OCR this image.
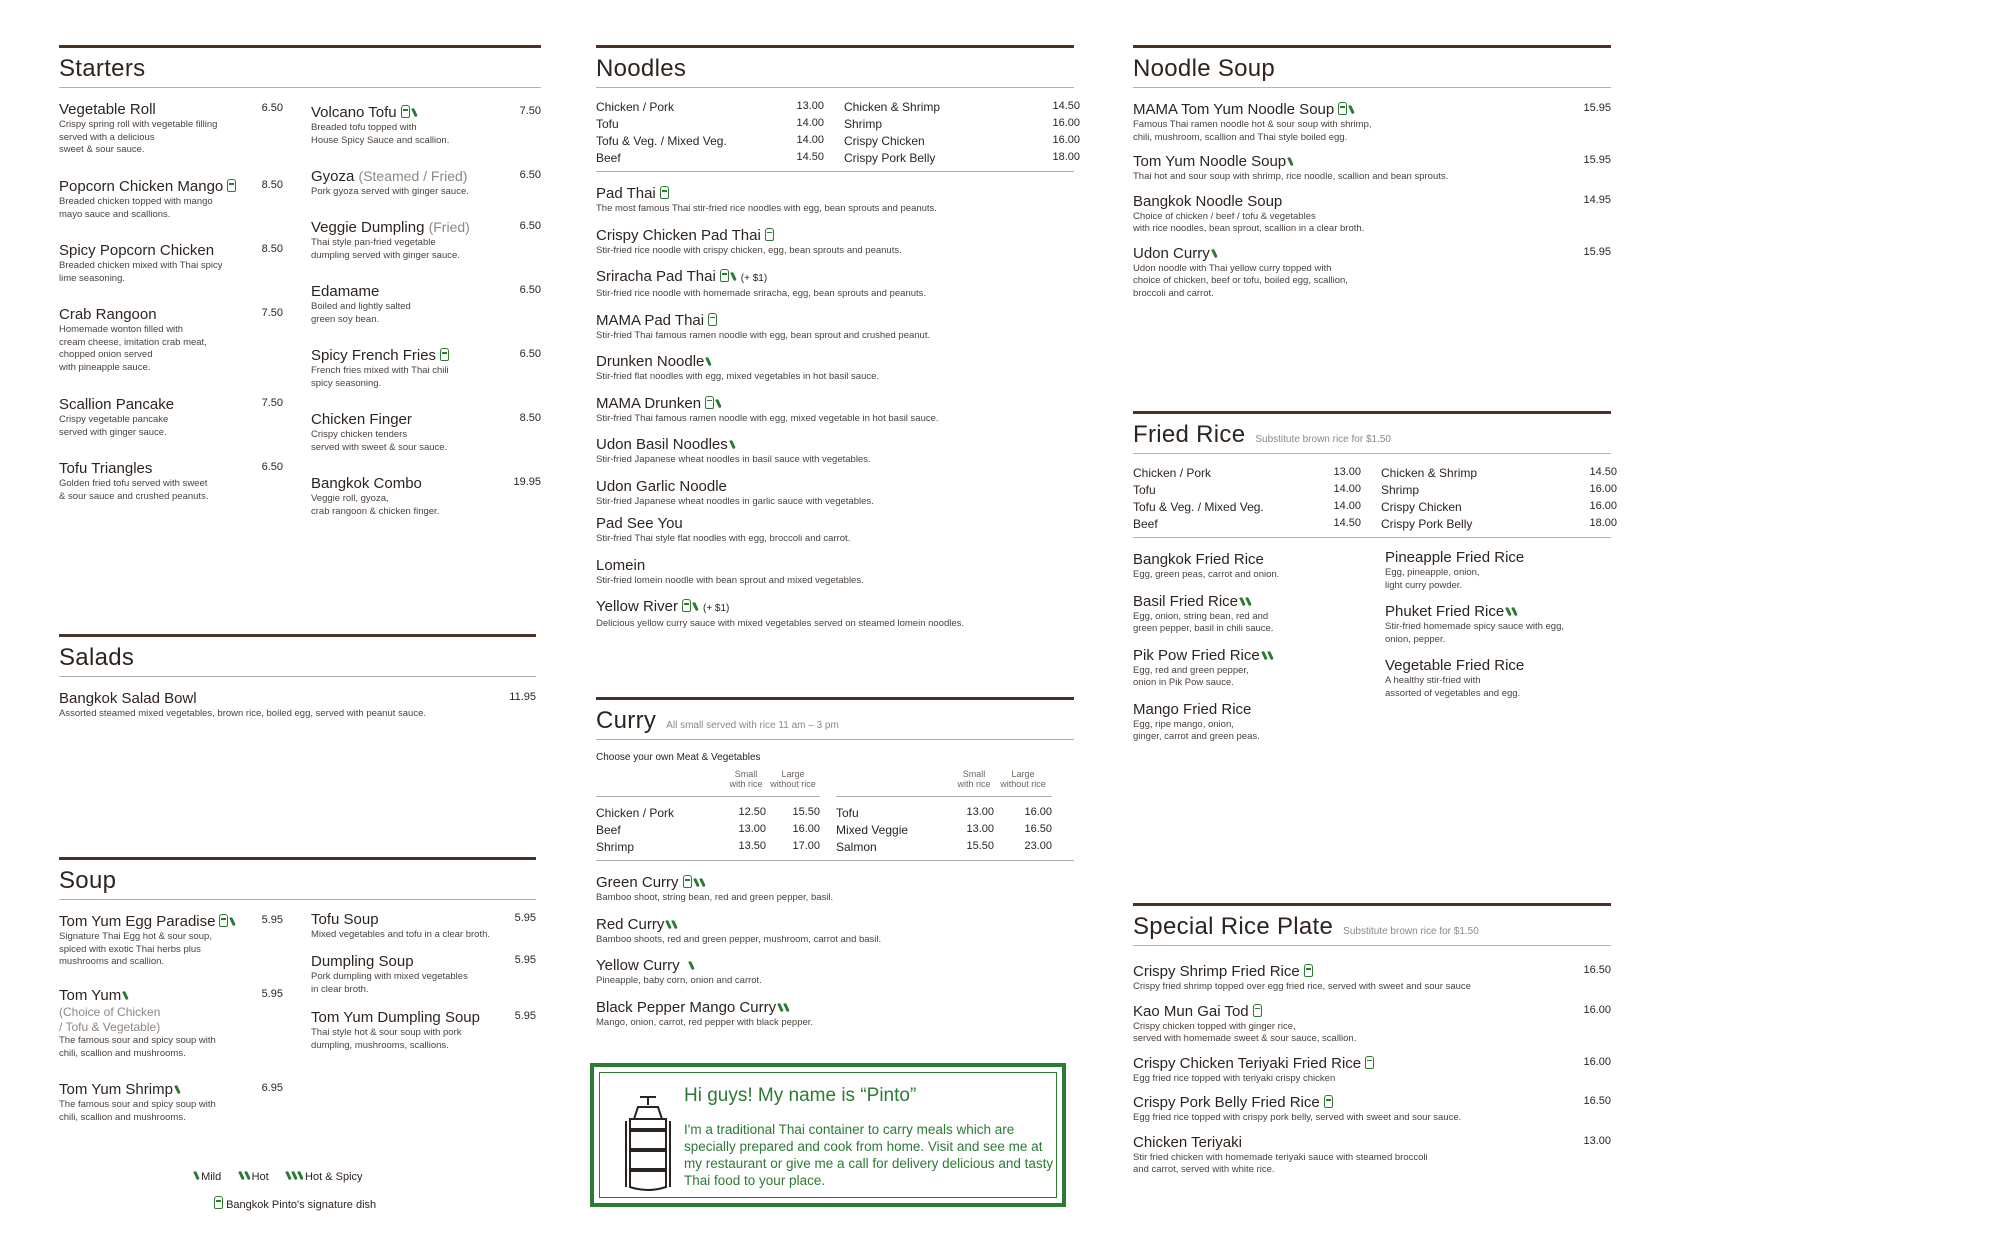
Starters
Vegetable Roll	6.50
Crispy spring roll with vegetable filling
served with a delicious
sweet & sour sauce.
Popcorn Chicken Mango	8.50
Breaded chicken topped with mango
mayo sauce and scallions.
Spicy Popcorn Chicken	8.50
Breaded chicken mixed with Thai spicy
lime seasoning.
Crab Rangoon	7.50
Homemade wonton filled with
cream cheese, imitation crab meat,
chopped onion served
with pineapple sauce.
Scallion Pancake	7.50
Crispy vegetable pancake
served with ginger sauce.
Tofu Triangles	6.50
Golden fried tofu served with sweet
& sour sauce and crushed peanuts.
Volcano Tofu	7.50
Breaded tofu topped with
House Spicy Sauce and scallion.
Gyoza (Steamed / Fried)	6.50
Pork gyoza served with ginger sauce.
Veggie Dumpling (Fried)	6.50
Thai style pan-fried vegetable
dumpling served with ginger sauce.
Edamame	6.50
Boiled and lightly salted
green soy bean.
Spicy French Fries	6.50
French fries mixed with Thai chili
spicy seasoning.
Chicken Finger	8.50
Crispy chicken tenders
served with sweet & sour sauce.
Bangkok Combo	19.95
Veggie roll, gyoza,
crab rangoon & chicken finger.
Salads
Bangkok Salad Bowl	11.95
Assorted steamed mixed vegetables, brown rice, boiled egg, served with peanut sauce.
Soup
Tom Yum Egg Paradise	5.95
Signature Thai Egg hot & sour soup,
spiced with exotic Thai herbs plus
mushrooms and scallion.
Tom Yum	5.95
(Choice of Chicken
/ Tofu & Vegetable)
The famous sour and spicy soup with
chili, scallion and mushrooms.
Tom Yum Shrimp	6.95
The famous sour and spicy soup with
chili, scallion and mushrooms.
Tofu Soup	5.95
Mixed vegetables and tofu in a clear broth.
Dumpling Soup	5.95
Pork dumpling with mixed vegetables
in clear broth.
Tom Yum Dumpling Soup	5.95
Thai style hot & sour soup with pork
dumpling, mushrooms, scallions.
Mild	Hot	Hot & Spicy
Bangkok Pinto's signature dish
Noodles
Chicken / Pork	13.00
Tofu	14.00
Tofu & Veg. / Mixed Veg.	14.00
Beef	14.50
Chicken & Shrimp	14.50
Shrimp	16.00
Crispy Chicken	16.00
Crispy Pork Belly	18.00
Pad Thai
The most famous Thai stir-fried rice noodles with egg, bean sprouts and peanuts.
Crispy Chicken Pad Thai
Stir-fried rice noodle with crispy chicken, egg, bean sprouts and peanuts.
Sriracha Pad Thai	(+ $1)
Stir-fried rice noodle with homemade sriracha, egg, bean sprouts and peanuts.
MAMA Pad Thai
Stir-fried Thai famous ramen noodle with egg, bean sprout and crushed peanut.
Drunken Noodle
Stir-fried flat noodles with egg, mixed vegetables in hot basil sauce.
MAMA Drunken
Stir-fried Thai famous ramen noodle with egg, mixed vegetable in hot basil sauce.
Udon Basil Noodles
Stir-fried Japanese wheat noodles in basil sauce with vegetables.
Udon Garlic Noodle
Stir-fried Japanese wheat noodles in garlic sauce with vegetables.
Pad See You
Stir-fried Thai style flat noodles with egg, broccoli and carrot.
Lomein
Stir-fried lomein noodle with bean sprout and mixed vegetables.
Yellow River	(+ $1)
Delicious yellow curry sauce with mixed vegetables served on steamed lomein noodles.
Curry All small served with rice 11 am – 3 pm
Choose your own Meat & Vegetables
Small
with rice
Large
without rice
Chicken / Pork	12.50	15.50
Beef	13.00	16.00
Shrimp	13.50	17.00
Small
with rice
Large
without rice
Tofu	13.00	16.00
Mixed Veggie	13.00	16.50
Salmon	15.50	23.00
Green Curry
Bamboo shoot, string bean, red and green pepper, basil.
Red Curry
Bamboo shoots, red and green pepper, mushroom, carrot and basil.
Yellow Curry
Pineapple, baby corn, onion and carrot.
Black Pepper Mango Curry
Mango, onion, carrot, red pepper with black pepper.
Hi guys! My name is “Pinto”
I'm a traditional Thai container to carry meals which are specially prepared and cook from home. Visit and see me at my restaurant or give me a call for delivery delicious and tasty Thai food to your place.
Noodle Soup
MAMA Tom Yum Noodle Soup	15.95
Famous Thai ramen noodle hot & sour soup with shrimp,
chili, mushroom, scallion and Thai style boiled egg.
Tom Yum Noodle Soup	15.95
Thai hot and sour soup with shrimp, rice noodle, scallion and bean sprouts.
Bangkok Noodle Soup	14.95
Choice of chicken / beef / tofu & vegetables
with rice noodles, bean sprout, scallion in a clear broth.
Udon Curry	15.95
Udon noodle with Thai yellow curry topped with
choice of chicken, beef or tofu, boiled egg, scallion,
broccoli and carrot.
Fried Rice Substitute brown rice for $1.50
Chicken / Pork	13.00
Tofu	14.00
Tofu & Veg. / Mixed Veg.	14.00
Beef	14.50
Chicken & Shrimp	14.50
Shrimp	16.00
Crispy Chicken	16.00
Crispy Pork Belly	18.00
Bangkok Fried Rice
Egg, green peas, carrot and onion.
Basil Fried Rice
Egg, onion, string bean, red and
green pepper, basil in chili sauce.
Pik Pow Fried Rice
Egg, red and green pepper,
onion in Pik Pow sauce.
Mango Fried Rice
Egg, ripe mango, onion,
ginger, carrot and green peas.
Pineapple Fried Rice
Egg, pineapple, onion,
light curry powder.
Phuket Fried Rice
Stir-fried homemade spicy sauce with egg,
onion, pepper.
Vegetable Fried Rice
A healthy stir-fried with
assorted of vegetables and egg.
Special Rice Plate Substitute brown rice for $1.50
Crispy Shrimp Fried Rice	16.50
Crispy fried shrimp topped over egg fried rice, served with sweet and sour sauce
Kao Mun Gai Tod	16.00
Crispy chicken topped with ginger rice,
served with homemade sweet & sour sauce, scallion.
Crispy Chicken Teriyaki Fried Rice	16.00
Egg fried rice topped with teriyaki crispy chicken
Crispy Pork Belly Fried Rice	16.50
Egg fried rice topped with crispy pork belly, served with sweet and sour sauce.
Chicken Teriyaki	13.00
Stir fried chicken with homemade teriyaki sauce with steamed broccoli
and carrot, served with white rice.
